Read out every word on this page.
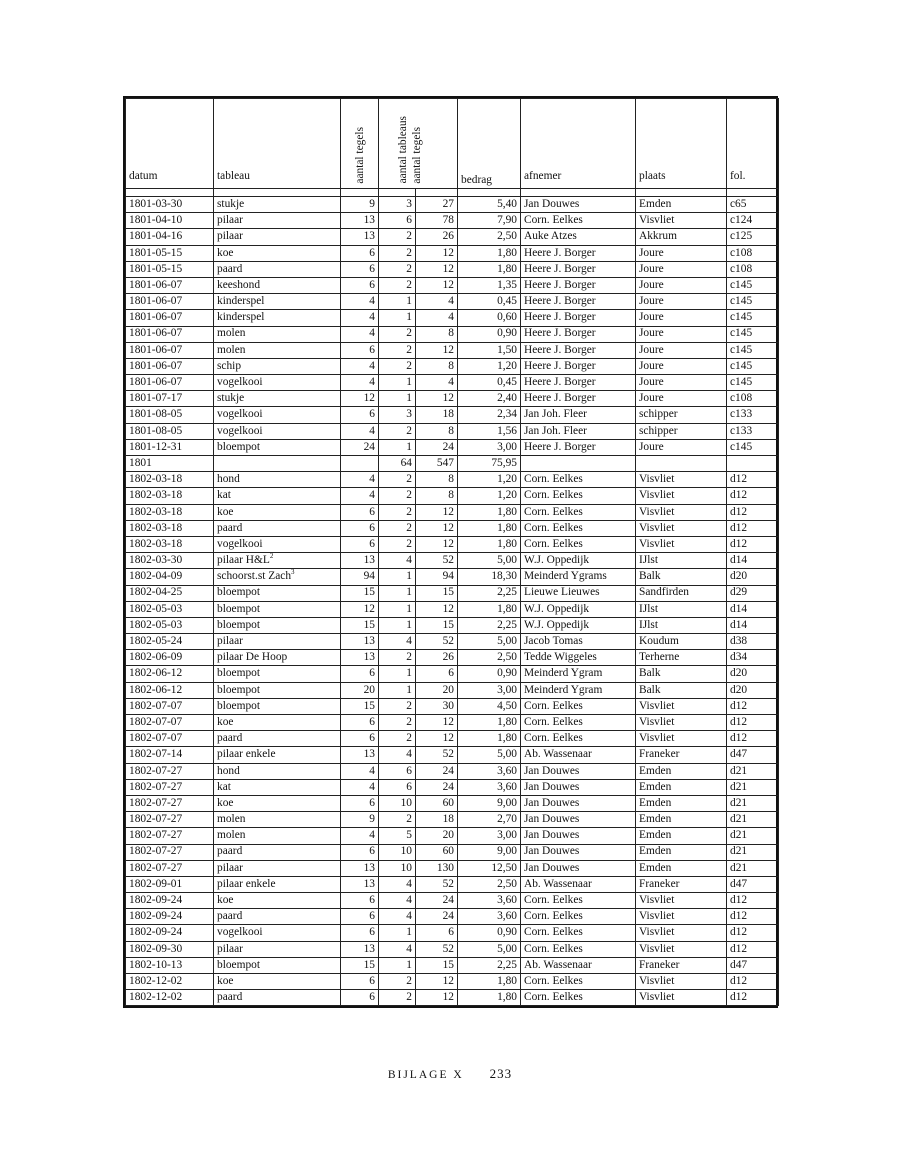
datum	tableau	aantal tegels	aantal tableaus aantal tegels		bedrag	afnemer	plaats	fol.

1801-03-30	stukje	9	3	27	5,40	Jan Douwes	Emden	c65
1801-04-10	pilaar	13	6	78	7,90	Corn. Eelkes	Visvliet	c124
1801-04-16	pilaar	13	2	26	2,50	Auke Atzes	Akkrum	c125
1801-05-15	koe	6	2	12	1,80	Heere J. Borger	Joure	c108
1801-05-15	paard	6	2	12	1,80	Heere J. Borger	Joure	c108
1801-06-07	keeshond	6	2	12	1,35	Heere J. Borger	Joure	c145
1801-06-07	kinderspel	4	1	4	0,45	Heere J. Borger	Joure	c145
1801-06-07	kinderspel	4	1	4	0,60	Heere J. Borger	Joure	c145
1801-06-07	molen	4	2	8	0,90	Heere J. Borger	Joure	c145
1801-06-07	molen	6	2	12	1,50	Heere J. Borger	Joure	c145
1801-06-07	schip	4	2	8	1,20	Heere J. Borger	Joure	c145
1801-06-07	vogelkooi	4	1	4	0,45	Heere J. Borger	Joure	c145
1801-07-17	stukje	12	1	12	2,40	Heere J. Borger	Joure	c108
1801-08-05	vogelkooi	6	3	18	2,34	Jan Joh. Fleer	schipper	c133
1801-08-05	vogelkooi	4	2	8	1,56	Jan Joh. Fleer	schipper	c133
1801-12-31	bloempot	24	1	24	3,00	Heere J. Borger	Joure	c145
1801			64	547	75,95			
1802-03-18	hond	4	2	8	1,20	Corn. Eelkes	Visvliet	d12
1802-03-18	kat	4	2	8	1,20	Corn. Eelkes	Visvliet	d12
1802-03-18	koe	6	2	12	1,80	Corn. Eelkes	Visvliet	d12
1802-03-18	paard	6	2	12	1,80	Corn. Eelkes	Visvliet	d12
1802-03-18	vogelkooi	6	2	12	1,80	Corn. Eelkes	Visvliet	d12
1802-03-30	pilaar $H\&L^2$	13	4	52	5,00	W.J. Oppedijk	IJlst	d14
1802-04-09	schoorst.st Zach$^3$	94	1	94	18,30	Meinderd Ygrams	Balk	d20
1802-04-25	bloempot	15	1	15	2,25	Lieuwe Lieuwes	Sandfirden	d29
1802-05-03	bloempot	12	1	12	1,80	W.J. Oppedijk	IJlst	d14
1802-05-03	bloempot	15	1	15	2,25	W.J. Oppedijk	IJlst	d14
1802-05-24	pilaar	13	4	52	5,00	Jacob Tomas	Koudum	d38
1802-06-09	pilaar De Hoop	13	2	26	2,50	Tedde Wiggeles	Terherne	d34
1802-06-12	bloempot	6	1	6	0,90	Meinderd Ygram	Balk	d20
1802-06-12	bloempot	20	1	20	3,00	Meinderd Ygram	Balk	d20
1802-07-07	bloempot	15	2	30	4,50	Corn. Eelkes	Visvliet	d12
1802-07-07	koe	6	2	12	1,80	Corn. Eelkes	Visvliet	d12
1802-07-07	paard	6	2	12	1,80	Corn. Eelkes	Visvliet	d12
1802-07-14	pilaar enkele	13	4	52	5,00	Ab. Wassenaar	Franeker	d47
1802-07-27	hond	4	6	24	3,60	Jan Douwes	Emden	d21
1802-07-27	kat	4	6	24	3,60	Jan Douwes	Emden	d21
1802-07-27	koe	6	10	60	9,00	Jan Douwes	Emden	d21
1802-07-27	molen	9	2	18	2,70	Jan Douwes	Emden	d21
1802-07-27	molen	4	5	20	3,00	Jan Douwes	Emden	d21
1802-07-27	paard	6	10	60	9,00	Jan Douwes	Emden	d21
1802-07-27	pilaar	13	10	130	12,50	Jan Douwes	Emden	d21
1802-09-01	pilaar enkele	13	4	52	2,50	Ab. Wassenaar	Franeker	d47
1802-09-24	koe	6	4	24	3,60	Corn. Eelkes	Visvliet	d12
1802-09-24	paard	6	4	24	3,60	Corn. Eelkes	Visvliet	d12
1802-09-24	vogelkooi	6	1	6	0,90	Corn. Eelkes	Visvliet	d12
1802-09-30	pilaar	13	4	52	5,00	Corn. Eelkes	Visvliet	d12
1802-10-13	bloempot	15	1	15	2,25	Ab. Wassenaar	Franeker	d47
1802-12-02	koe	6	2	12	1,80	Corn. Eelkes	Visvliet	d12
1802-12-02	paard	6	2	12	1,80	Corn. Eelkes	Visvliet	d12
BIJLAGE X 233
